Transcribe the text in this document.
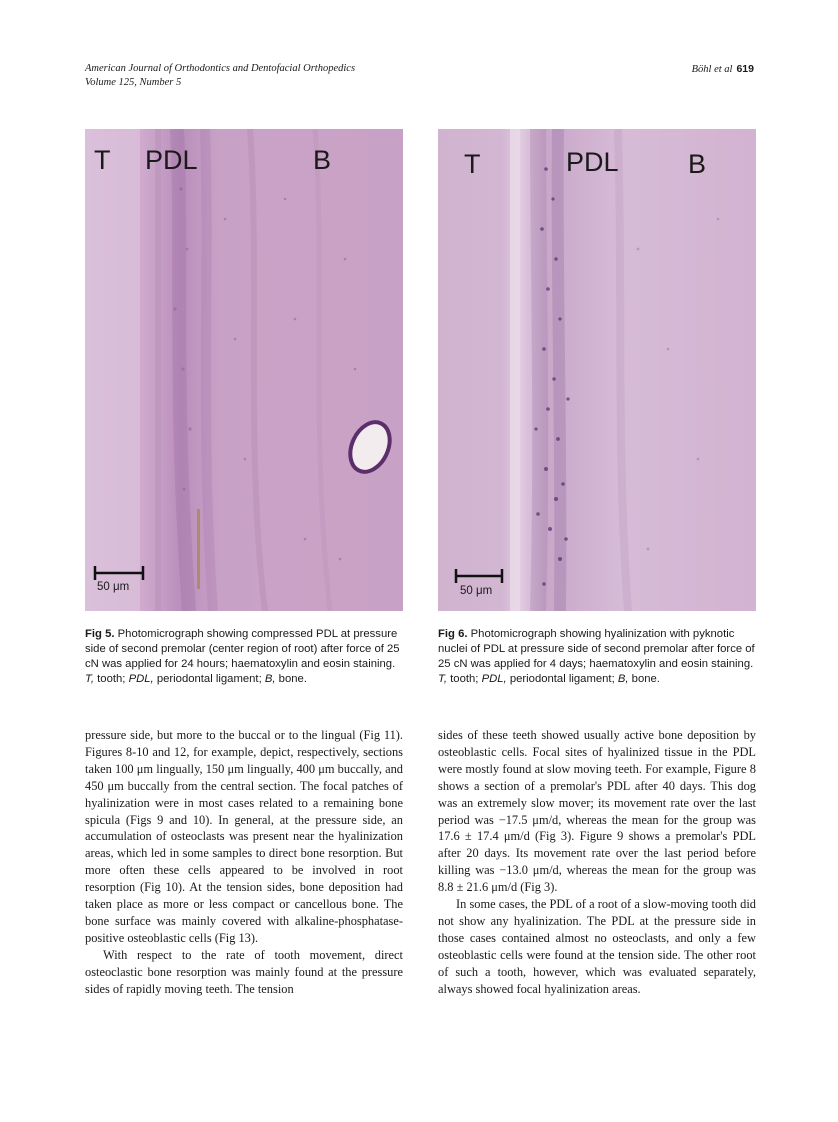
American Journal of Orthodontics and Dentofacial Orthopedics
Volume 125, Number 5
Böhl et al 619
T PDL	B
50 μm
T	PDL	B
50 μm
Fig 5. Photomicrograph showing compressed PDL at pressure side of second premolar (center region of root) after force of 25 cN was applied for 24 hours; haematoxylin and eosin staining. T, tooth; PDL, periodontal ligament; B, bone.
Fig 6. Photomicrograph showing hyalinization with pyknotic nuclei of PDL at pressure side of second premolar after force of 25 cN was applied for 4 days; haematoxylin and eosin staining. T, tooth; PDL, periodontal ligament; B, bone.

pressure side, but more to the buccal or to the lingual (Fig 11). Figures 8-10 and 12, for example, depict, respectively, sections taken 100 μm lingually, 150 μm lingually, 400 μm buccally, and 450 μm buccally from the central section. The focal patches of hyalinization were in most cases related to a remaining bone spicula (Figs 9 and 10). In general, at the pressure side, an accumulation of osteoclasts was present near the hyalinization areas, which led in some samples to direct bone resorption. But more often these cells appeared to be involved in root resorption (Fig 10). At the tension sides, bone deposition had taken place as more or less compact or cancellous bone. The bone surface was mainly covered with alkaline-phosphatase-positive osteoblastic cells (Fig 13).

With respect to the rate of tooth movement, direct osteoclastic bone resorption was mainly found at the pressure sides of rapidly moving teeth. The tension

sides of these teeth showed usually active bone deposition by osteoblastic cells. Focal sites of hyalinized tissue in the PDL were mostly found at slow moving teeth. For example, Figure 8 shows a section of a premolar's PDL after 40 days. This dog was an extremely slow mover; its movement rate over the last period was −17.5 μm/d, whereas the mean for the group was 17.6 ± 17.4 μm/d (Fig 3). Figure 9 shows a premolar's PDL after 20 days. Its movement rate over the last period before killing was −13.0 μm/d, whereas the mean for the group was 8.8 ± 21.6 μm/d (Fig 3).

In some cases, the PDL of a root of a slow-moving tooth did not show any hyalinization. The PDL at the pressure side in those cases contained almost no osteoclasts, and only a few osteoblastic cells were found at the tension side. The other root of such a tooth, however, which was evaluated separately, always showed focal hyalinization areas.
